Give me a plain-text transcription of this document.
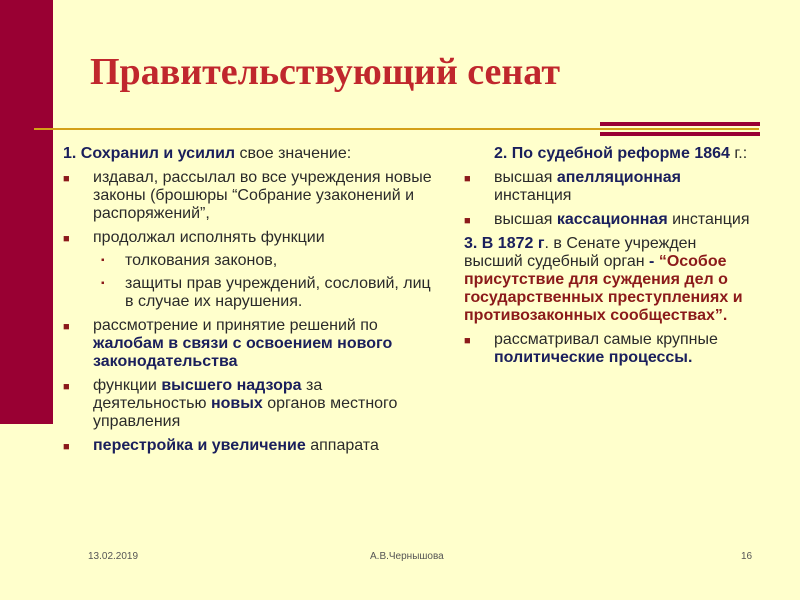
Правительствующий сенат
1. Сохранил и усилил свое значение:
■ издавал, рассылал во все учреждения новые законы (брошюры “Собрание узаконений и распоряжений”,
■ продолжал исполнять функции
▪ толкования законов,
▪ защиты прав учреждений, сословий, лиц в случае их нарушения.
■ рассмотрение и принятие решений по жалобам в связи с освоением нового законодательства
■ функции высшего надзора за деятельностью новых органов местного управления
■ перестройка и увеличение аппарата
2. По судебной реформе 1864 г.:
■ высшая апелляционная инстанция
■ высшая кассационная инстанция
3. В 1872 г. в Сенате учрежден высший судебный орган - “Особое присутствие для суждения дел о государственных преступлениях и противозаконных сообществах”.
■ рассматривал самые крупные политические процессы.
13.02.2019	А.В.Чернышова	16
